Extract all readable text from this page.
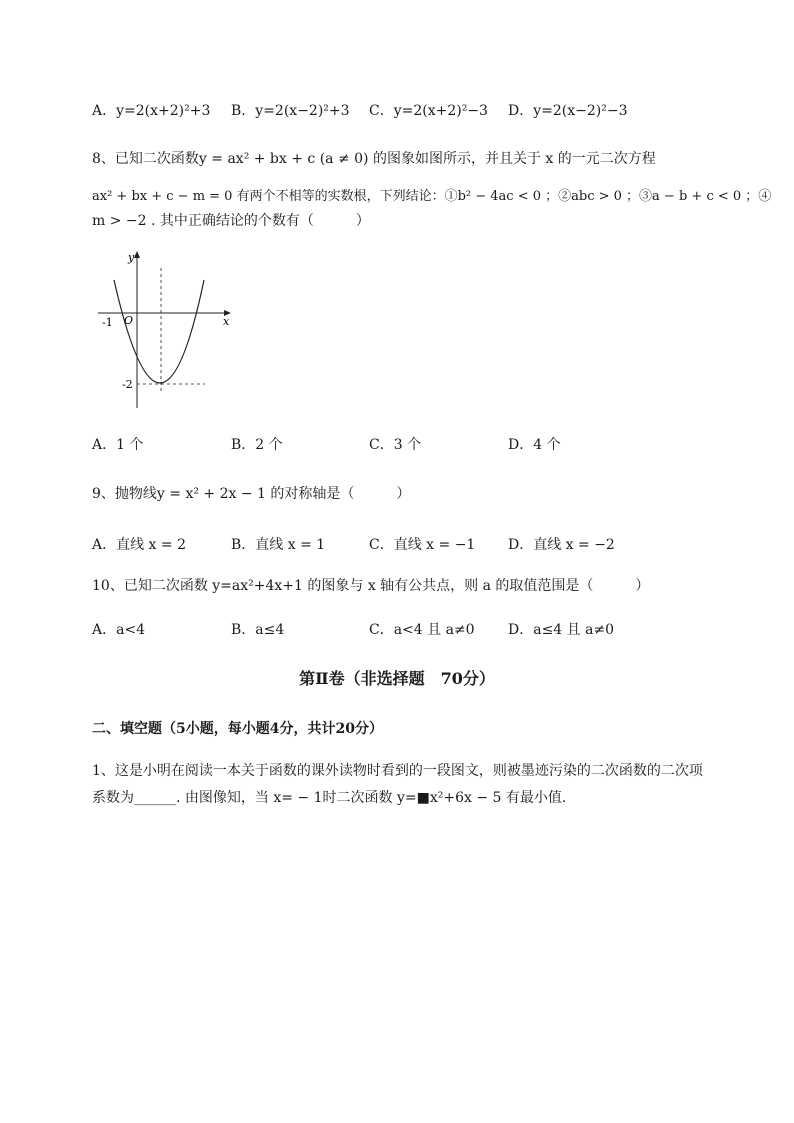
A．y=2(x+2)²+3 B．y=2(x−2)²+3 C．y=2(x+2)²−3 D．y=2(x−2)²−3
8、已知二次函数y = ax² + bx + c (a ≠ 0) 的图象如图所示，并且关于 x 的一元二次方程
ax² + bx + c − m = 0 有两个不相等的实数根，下列结论：①b² − 4ac < 0 ；②abc > 0 ；③a − b + c < 0 ；④
m > −2 . 其中正确结论的个数有（　　　）
y
x
O
-1
-2
A．1 个	B．2 个	C．3 个	D．4 个
9、抛物线y = x² + 2x − 1 的对称轴是（　　　）
A．直线 x = 2	B．直线 x = 1	C．直线 x = −1 D．直线 x = −2
10、已知二次函数 y=ax²+4x+1 的图象与 x 轴有公共点，则 a 的取值范围是（　　　）
A．a<4	B．a≤4	C．a<4 且 a≠0 D．a≤4 且 a≠0
第Ⅱ卷（非选择题　70分）
二、填空题（5小题，每小题4分，共计20分）
1、这是小明在阅读一本关于函数的课外读物时看到的一段图文，则被墨迹污染的二次函数的二次项
系数为______. 由图像知，当 x= − 1时二次函数 y=■x²+6x − 5 有最小值.
